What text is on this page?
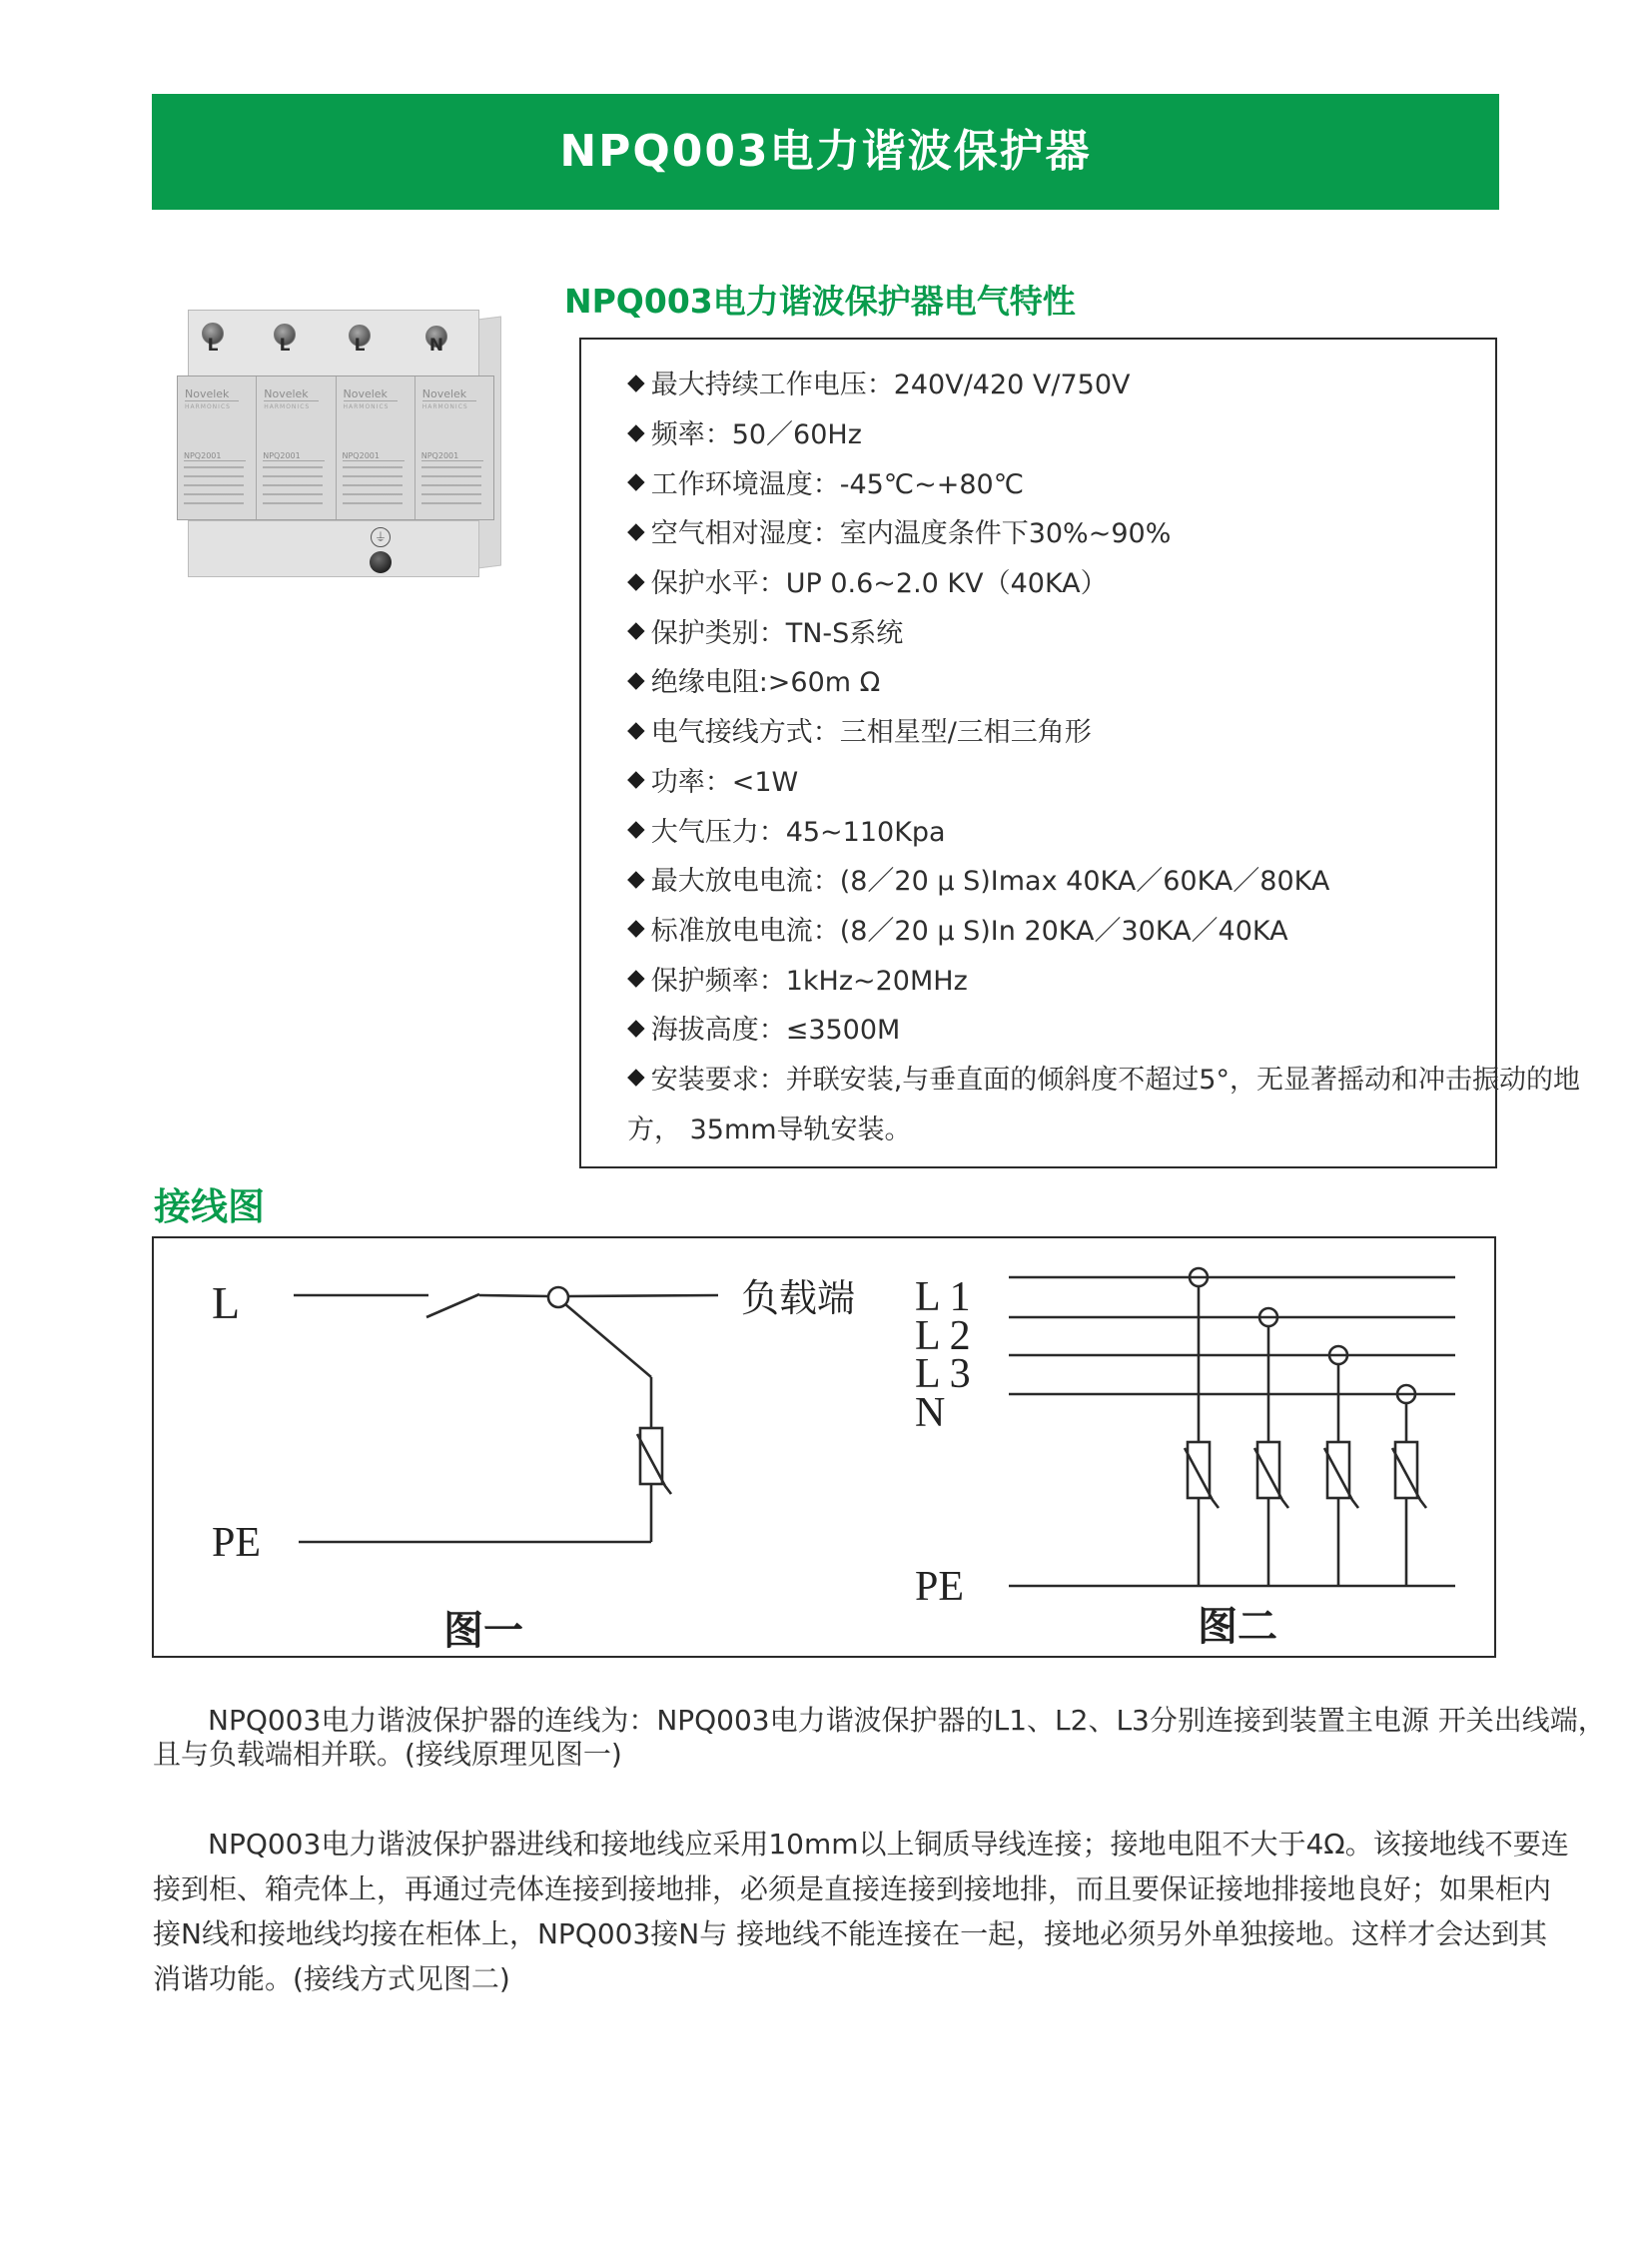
NPQ003电力谐波保护器
L	L	L	N
Novelek
HARMONICS
NPQ2001
Novelek
HARMONICS
NPQ2001
Novelek
HARMONICS
NPQ2001
Novelek
HARMONICS
NPQ2001
⏚
NPQ003电力谐波保护器电气特性
◆ 最大持续工作电压：240V/420 V/750V
◆ 频率：50／60Hz
◆ 工作环境温度：-45℃~+80℃
◆ 空气相对湿度：室内温度条件下30%~90%
◆ 保护水平：UP 0.6~2.0 KV（40KA）
◆ 保护类别：TN-S系统
◆ 绝缘电阻:>60m Ω
◆ 电气接线方式：三相星型/三相三角形
◆ 功率：<1W
◆ 大气压力：45~110Kpa
◆ 最大放电电流：(8／20 μ S)Imax 40KA／60KA／80KA
◆ 标准放电电流：(8／20 μ S)In 20KA／30KA／40KA
◆ 保护频率：1kHz~20MHz
◆ 海拔高度：≤3500M
◆ 安装要求：并联安装,与垂直面的倾斜度不超过5°，无显著摇动和冲击振动的地
方， 35mm导轨安装。
接线图
L	负载端
PE
图一
L 1
L 2
L 3
N
PE
图二
NPQ003电力谐波保护器的连线为：NPQ003电力谐波保护器的L1、L2、L3分别连接到装置主电源 开关出线端，
且与负载端相并联。(接线原理见图一)
NPQ003电力谐波保护器进线和接地线应采用10mm以上铜质导线连接；接地电阻不大于4Ω。该接地线不要连
接到柜、箱壳体上，再通过壳体连接到接地排，必须是直接连接到接地排，而且要保证接地排接地良好；如果柜内
接N线和接地线均接在柜体上，NPQ003接N与 接地线不能连接在一起，接地必须另外单独接地。这样才会达到其
消谐功能。(接线方式见图二)
